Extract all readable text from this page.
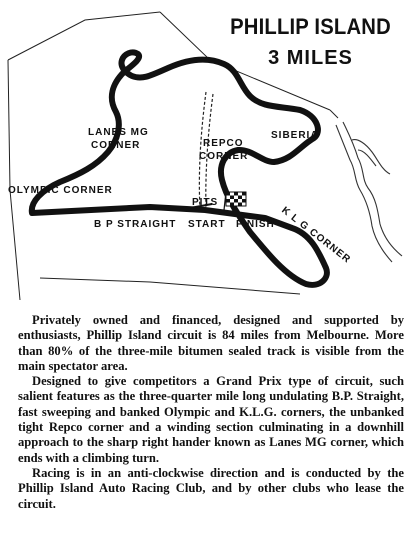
PHILLIP ISLAND
3 MILES
LANES MG
CORNER	REPCO
CORNER
SIBERIA
OLYMPIC CORNER
K L G CORNER
PITS
B P STRAIGHT START FINISH

Privately owned and financed, designed and supported by enthusiasts, Phillip Island circuit is 84 miles from Melbourne. More than 80% of the three-mile bitumen sealed track is visible from the main spectator area.

Designed to give competitors a Grand Prix type of circuit, such salient features as the three-quarter mile long undulating B.P. Straight, fast sweeping and banked Olympic and K.L.G. corners, the unbanked tight Repco corner and a winding section culminating in a downhill approach to the sharp right hander known as Lanes MG corner, which ends with a climbing turn.

Racing is in an anti-clockwise direction and is conducted by the Phillip Island Auto Racing Club, and by other clubs who lease the circuit.
